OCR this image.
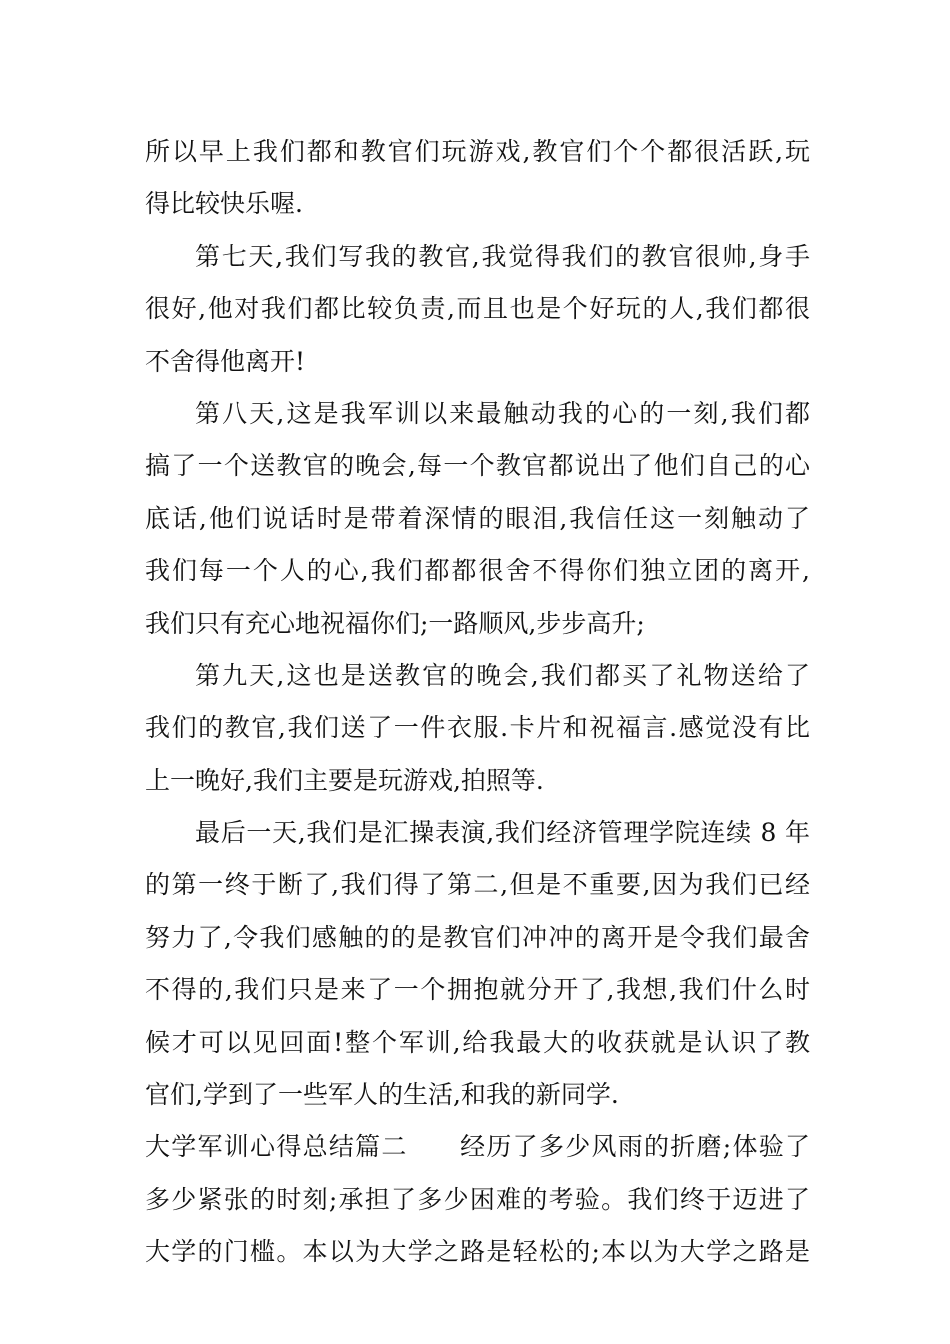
所以早上我们都和教官们玩游戏,教官们个个都很活跃,玩
得比较快乐喔.
第七天,我们写我的教官,我觉得我们的教官很帅,身手
很好,他对我们都比较负责,而且也是个好玩的人,我们都很
不舍得他离开!
第八天,这是我军训以来最触动我的心的一刻,我们都
搞了一个送教官的晚会,每一个教官都说出了他们自己的心
底话,他们说话时是带着深情的眼泪,我信任这一刻触动了
我们每一个人的心,我们都都很舍不得你们独立团的离开,
我们只有充心地祝福你们;一路顺风,步步高升;
第九天,这也是送教官的晚会,我们都买了礼物送给了
我们的教官,我们送了一件衣服.卡片和祝福言.感觉没有比
上一晚好,我们主要是玩游戏,拍照等.
最后一天,我们是汇操表演,我们经济管理学院连续 8 年
的第一终于断了,我们得了第二,但是不重要,因为我们已经
努力了,令我们感触的的是教官们冲冲的离开是令我们最舍
不得的,我们只是来了一个拥抱就分开了,我想,我们什么时
候才可以见回面!整个军训,给我最大的收获就是认识了教
官们,学到了一些军人的生活,和我的新同学.
大学军训心得总结篇二　　经历了多少风雨的折磨;体验了
多少紧张的时刻;承担了多少困难的考验。我们终于迈进了
大学的门槛。本以为大学之路是轻松的;本以为大学之路是
